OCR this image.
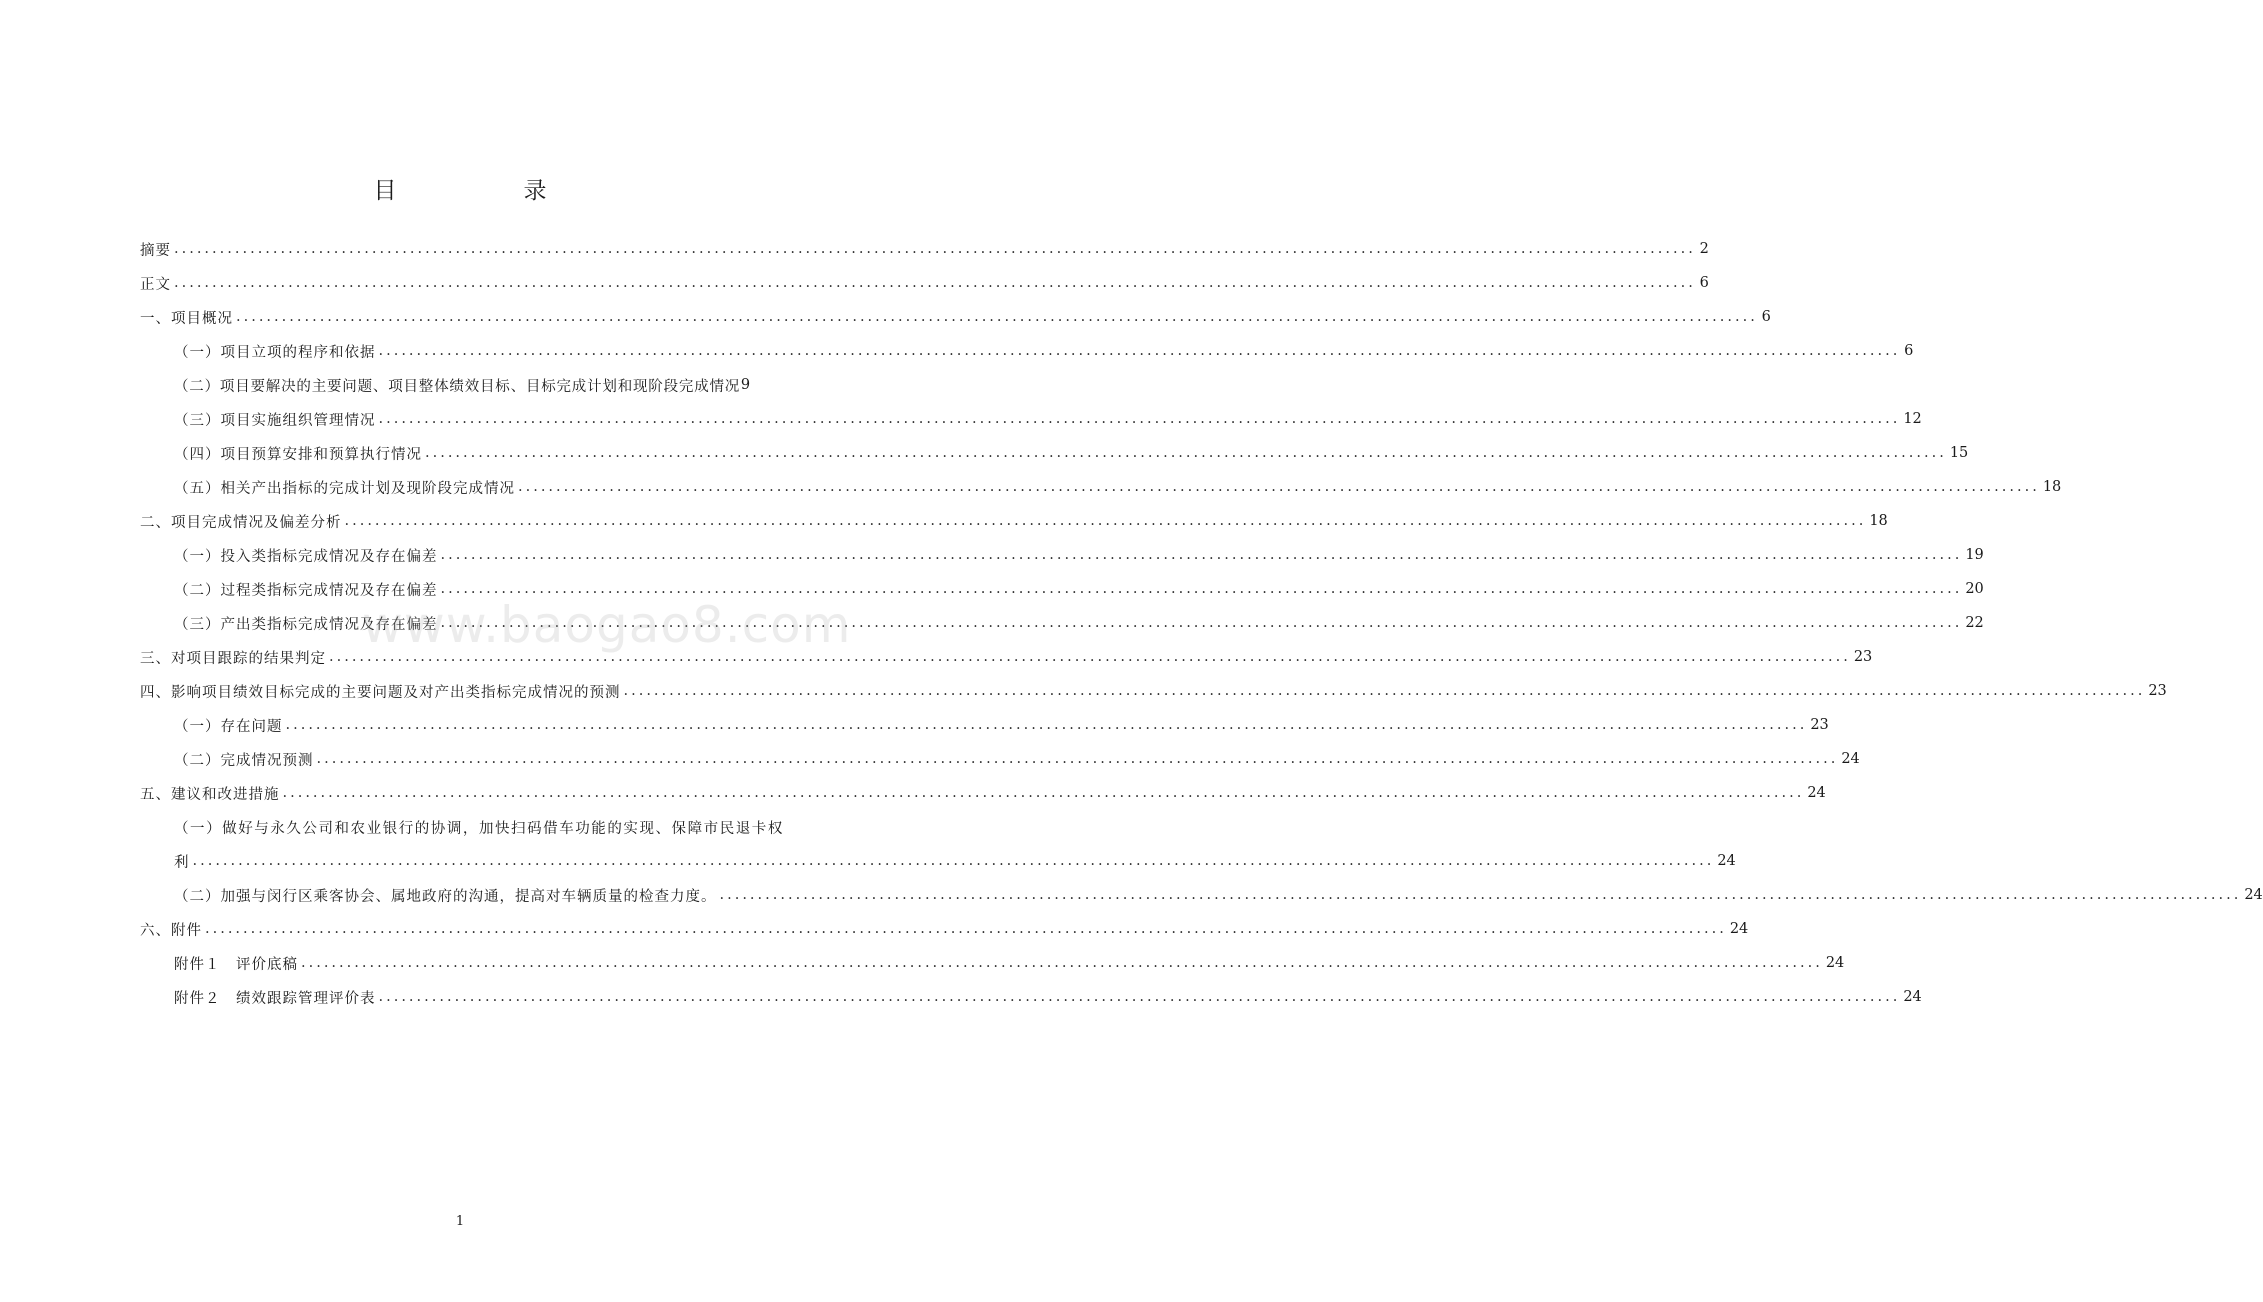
目　录
摘要 ........................................................................................................................................................................................................ 2
正文 ........................................................................................................................................................................................................ 6
一、项目概况 ........................................................................................................................................................................................................ 6
（一）项目立项的程序和依据 ........................................................................................................................................................................................................ 6
（二）项目要解决的主要问题、项目整体绩效目标、目标完成计划和现阶段完成情况 9
（三）项目实施组织管理情况 ........................................................................................................................................................................................................ 12
（四）项目预算安排和预算执行情况 ........................................................................................................................................................................................................ 15
（五）相关产出指标的完成计划及现阶段完成情况 ........................................................................................................................................................................................................ 18
二、项目完成情况及偏差分析 ........................................................................................................................................................................................................ 18
（一）投入类指标完成情况及存在偏差 ........................................................................................................................................................................................................ 19
（二）过程类指标完成情况及存在偏差 ........................................................................................................................................................................................................ 20
（三）产出类指标完成情况及存在偏差 ........................................................................................................................................................................................................ 22
三、对项目跟踪的结果判定 ........................................................................................................................................................................................................ 23
四、影响项目绩效目标完成的主要问题及对产出类指标完成情况的预测 ........................................................................................................................................................................................................ 23
（一）存在问题 ........................................................................................................................................................................................................ 23
（二）完成情况预测 ........................................................................................................................................................................................................ 24
五、建议和改进措施 ........................................................................................................................................................................................................ 24
（一）做好与永久公司和农业银行的协调，加快扫码借车功能的实现、保障市民退卡权
利 ........................................................................................................................................................................................................ 24
（二）加强与闵行区乘客协会、属地政府的沟通，提高对车辆质量的检查力度。 ........................................................................................................................................................................................................ 24
六、附件 ........................................................................................................................................................................................................ 24
附件１　评价底稿 ........................................................................................................................................................................................................ 24
附件２　绩效跟踪管理评价表 ........................................................................................................................................................................................................ 24
www.baogao8.com
1
